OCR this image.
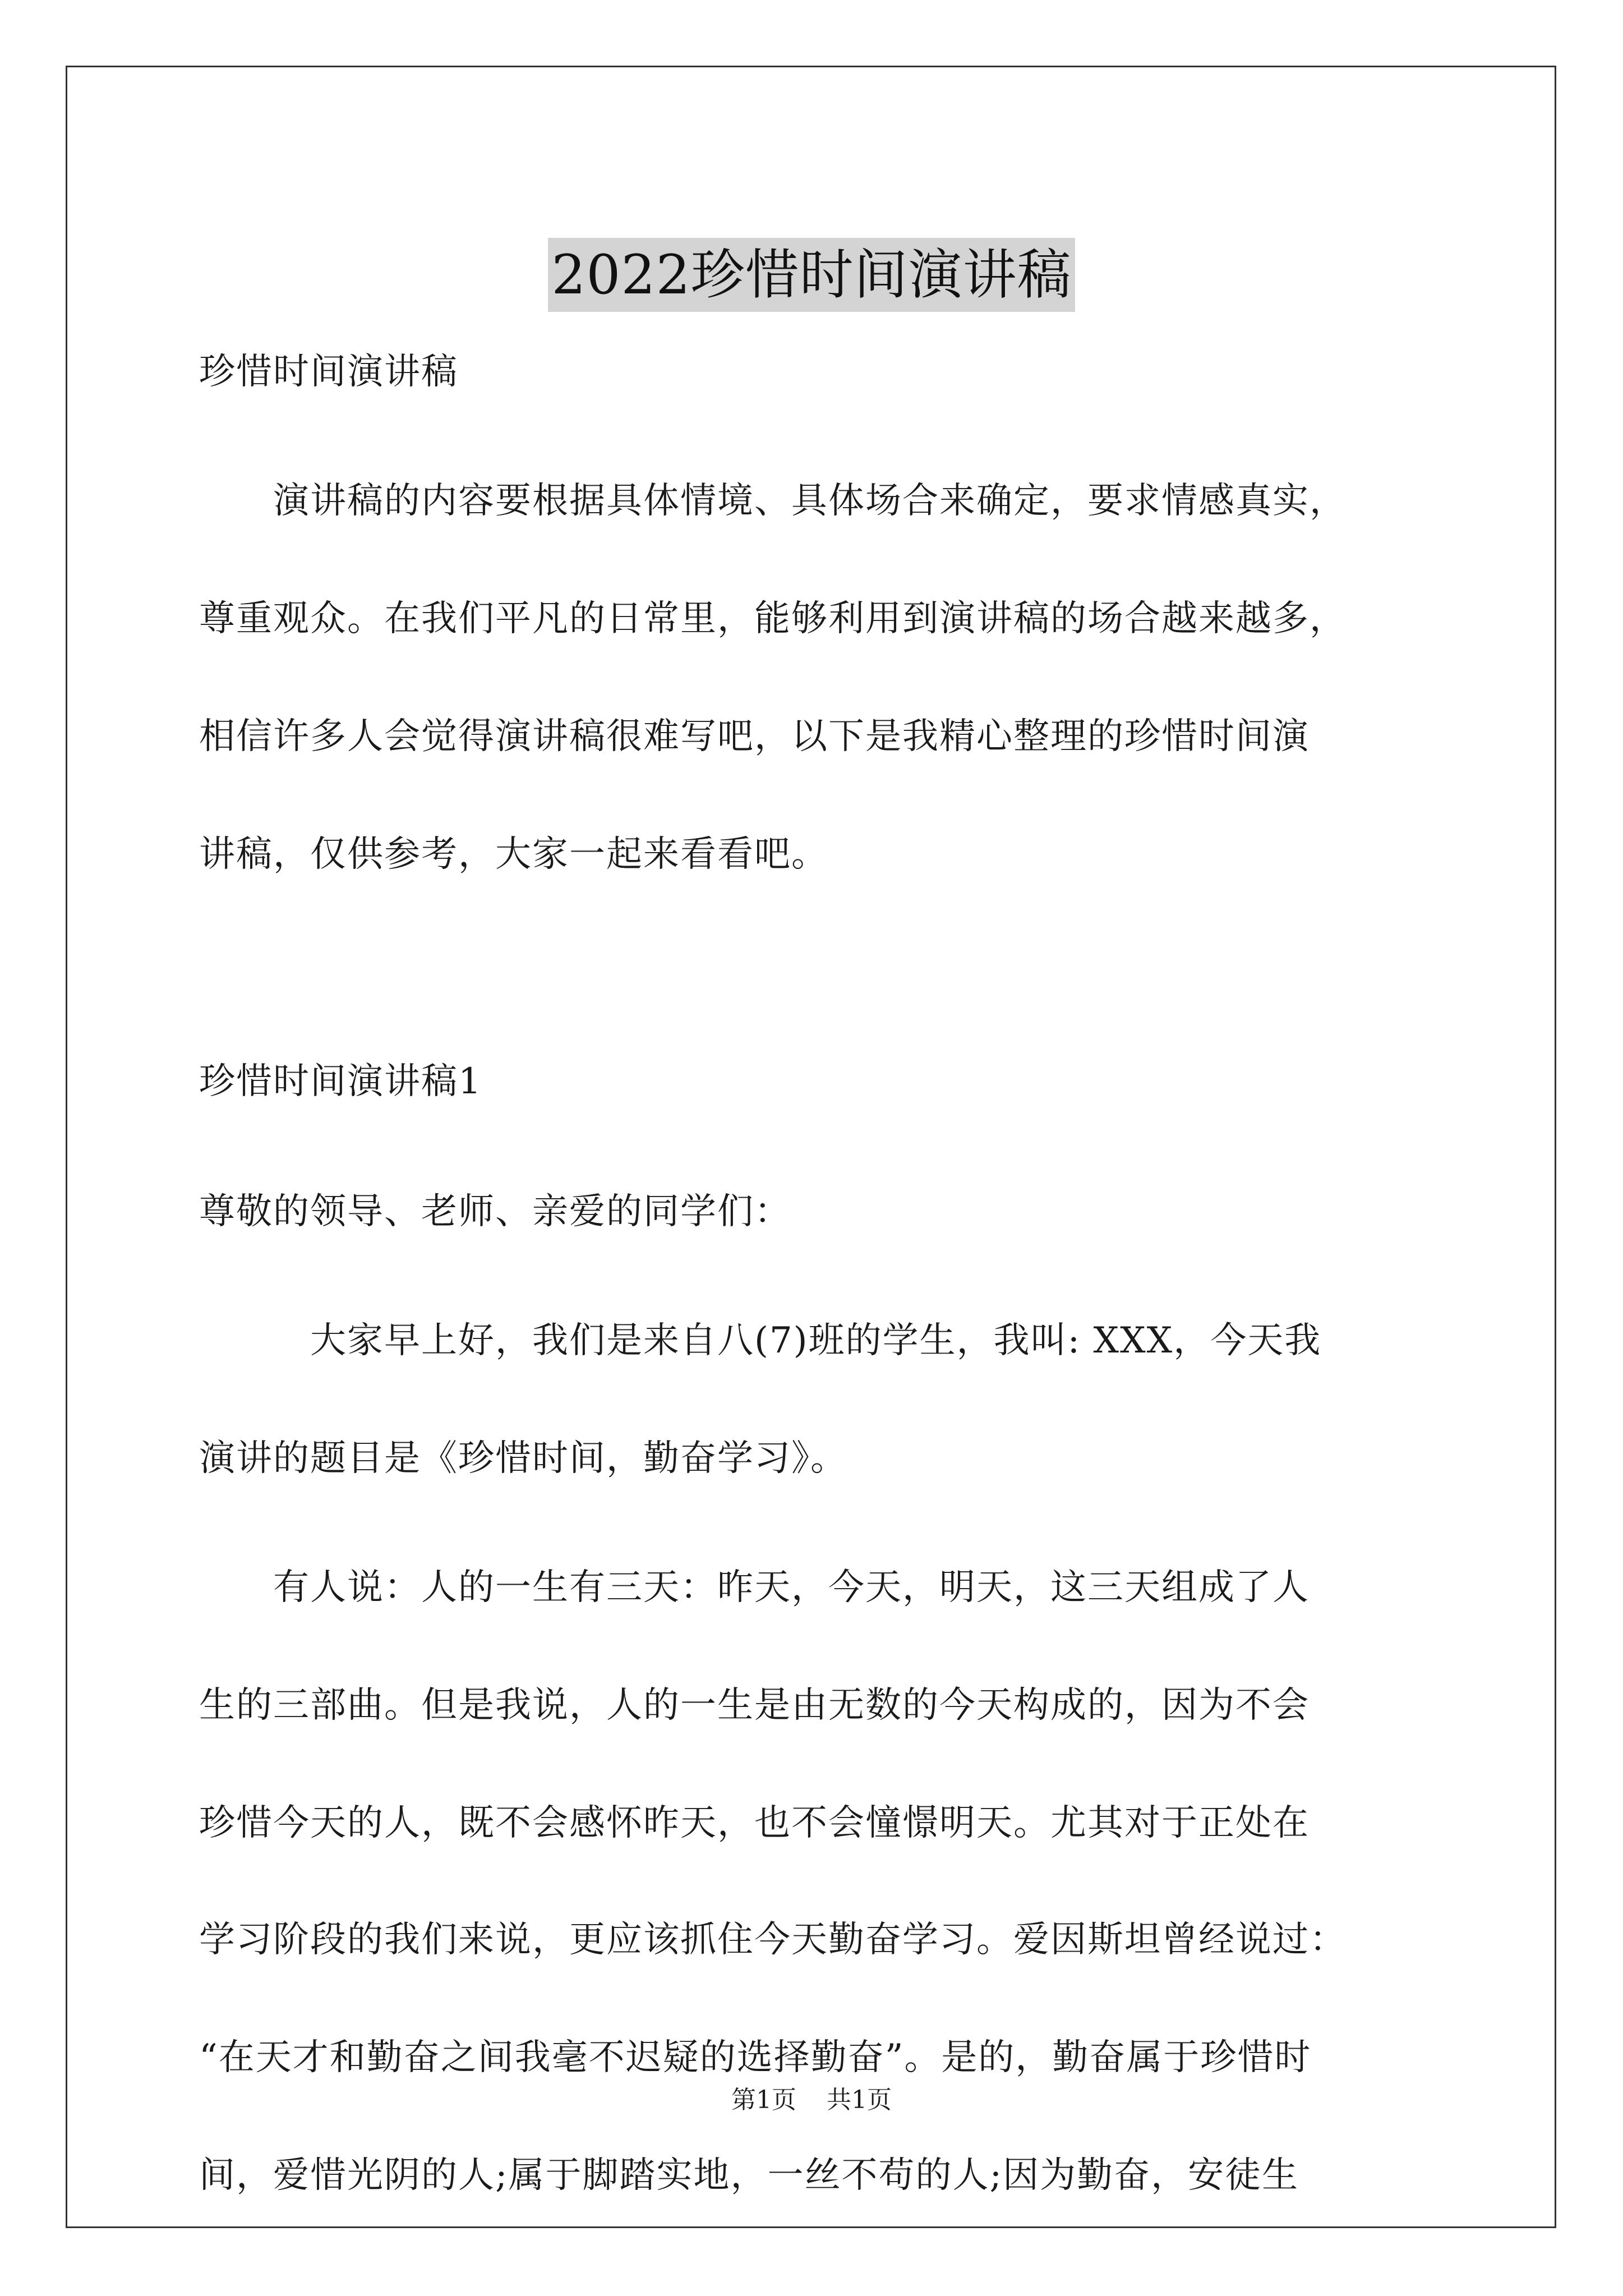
2022珍惜时间演讲稿
珍惜时间演讲稿
　　演讲稿的内容要根据具体情境、具体场合来确定，要求情感真实，
尊重观众。在我们平凡的日常里，能够利用到演讲稿的场合越来越多，
相信许多人会觉得演讲稿很难写吧，以下是我精心整理的珍惜时间演
讲稿，仅供参考，大家一起来看看吧。
珍惜时间演讲稿1
尊敬的领导、老师、亲爱的同学们：
　　　大家早上好，我们是来自八(7)班的学生，我叫: XXX，今天我
演讲的题目是《珍惜时间，勤奋学习》。
　　有人说：人的一生有三天：昨天，今天，明天，这三天组成了人
生的三部曲。但是我说，人的一生是由无数的今天构成的，因为不会
珍惜今天的人，既不会感怀昨天，也不会憧憬明天。尤其对于正处在
学习阶段的我们来说，更应该抓住今天勤奋学习。爱因斯坦曾经说过：
第1页 共1页
“在天才和勤奋之间我毫不迟疑的选择勤奋”。是的，勤奋属于珍惜时
间，爱惜光阴的人;属于脚踏实地，一丝不苟的人;因为勤奋，安徒生
